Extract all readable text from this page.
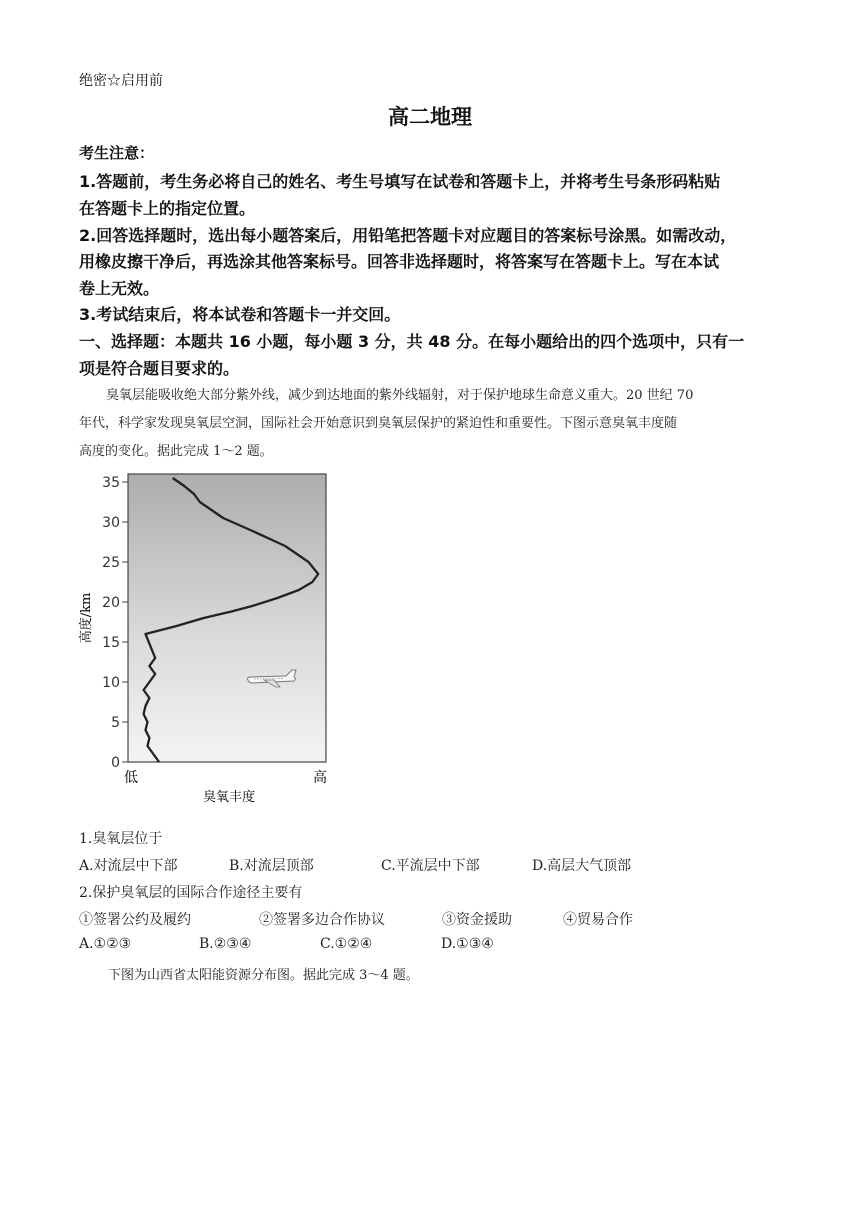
绝密☆启用前
高二地理
考生注意：
1.答题前，考生务必将自己的姓名、考生号填写在试卷和答题卡上，并将考生号条形码粘贴
在答题卡上的指定位置。
2.回答选择题时，选出每小题答案后，用铅笔把答题卡对应题目的答案标号涂黑。如需改动，
用橡皮擦干净后，再选涂其他答案标号。回答非选择题时，将答案写在答题卡上。写在本试
卷上无效。
3.考试结束后，将本试卷和答题卡一并交回。
一、选择题：本题共 16 小题，每小题 3 分，共 48 分。在每小题给出的四个选项中，只有一
项是符合题目要求的。
臭氧层能吸收绝大部分紫外线，减少到达地面的紫外线辐射，对于保护地球生命意义重大。20 世纪 70
年代，科学家发现臭氧层空洞，国际社会开始意识到臭氧层保护的紧迫性和重要性。下图示意臭氧丰度随
高度的变化。据此完成 1～2 题。
0
5
10
15
20
25
30
35
高度/km
低	高
臭氧丰度
1.臭氧层位于
A.对流层中下部	B.对流层顶部	C.平流层中下部	D.高层大气顶部
2.保护臭氧层的国际合作途径主要有
①签署公约及履约	②签署多边合作协议	③资金援助	④贸易合作
A.①②③	B.②③④	C.①②④	D.①③④
下图为山西省太阳能资源分布图。据此完成 3～4 题。
